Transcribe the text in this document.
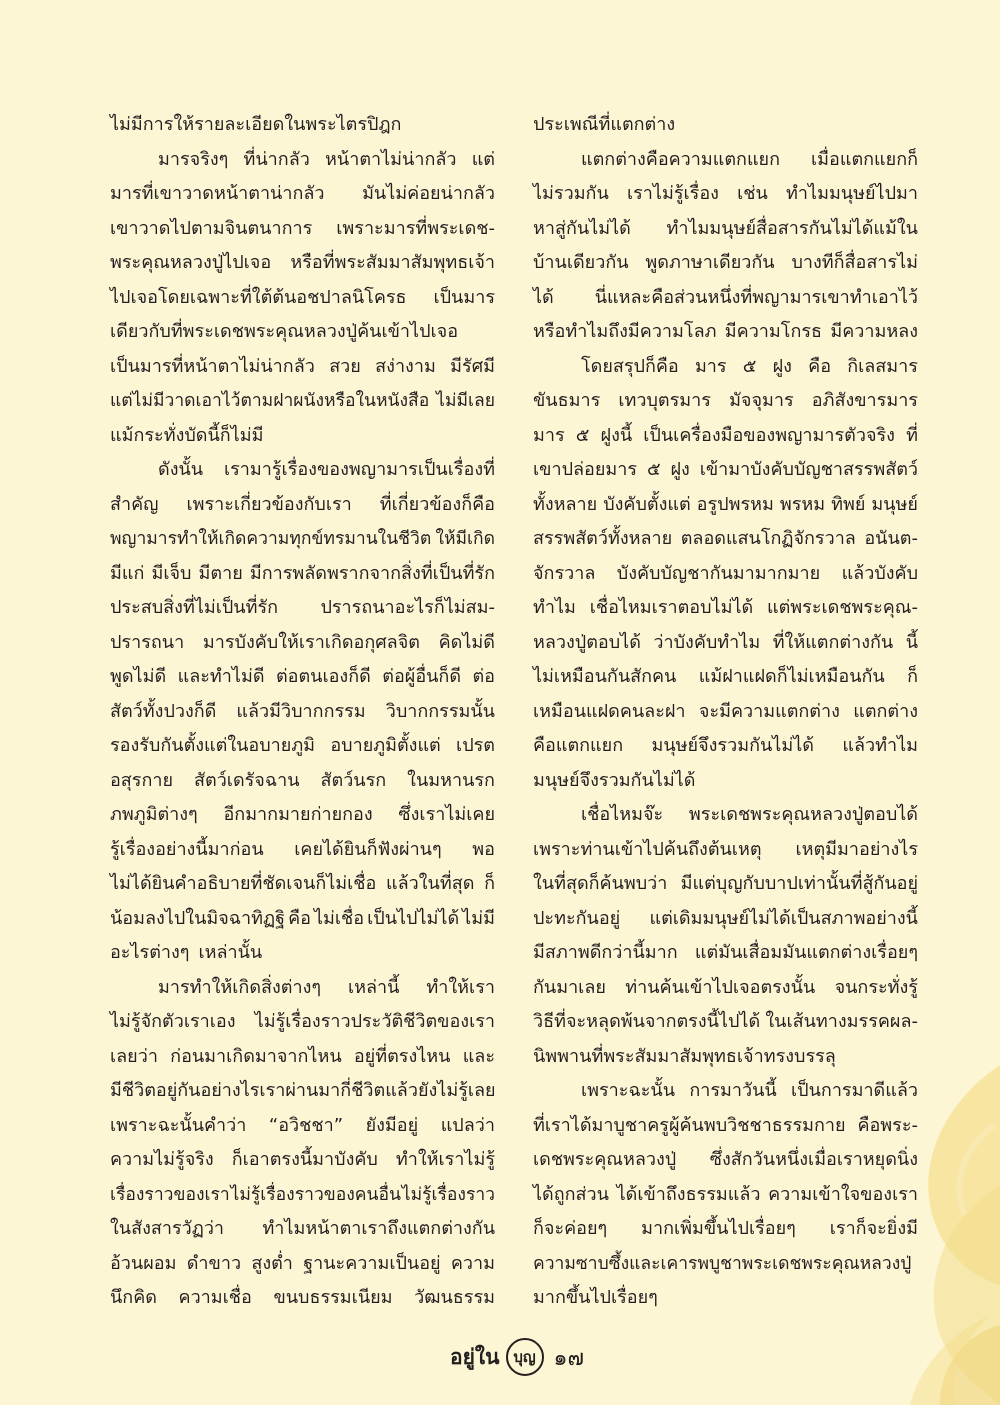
ไม่มีการให้รายละเอียดในพระไตรปิฎก
มารจริงๆ ที่น่ากลัว หน้าตาไม่น่ากลัว แต่
มารที่เขาวาดหน้าตาน่ากลัว มันไม่ค่อยน่ากลัว
เขาวาดไปตามจินตนาการ เพราะมารที่พระเดช-
พระคุณหลวงปู่ไปเจอ หรือที่พระสัมมาสัมพุทธเจ้า
ไปเจอโดยเฉพาะที่ใต้ต้นอชปาลนิโครธ เป็นมาร
เดียวกับที่พระเดชพระคุณหลวงปู่ค้นเข้าไปเจอ
เป็นมารที่หน้าตาไม่น่ากลัว สวย สง่างาม มีรัศมี
แต่ไม่มีวาดเอาไว้ตามฝาผนังหรือในหนังสือ ไม่มีเลย
แม้กระทั่งบัดนี้ก็ไม่มี
ดังนั้น เรามารู้เรื่องของพญามารเป็นเรื่องที่
สำคัญ เพราะเกี่ยวข้องกับเรา ที่เกี่ยวข้องก็คือ
พญามารทำให้เกิดความทุกข์ทรมานในชีวิต ให้มีเกิด
มีแก่ มีเจ็บ มีตาย มีการพลัดพรากจากสิ่งที่เป็นที่รัก
ประสบสิ่งที่ไม่เป็นที่รัก ปรารถนาอะไรก็ไม่สม-
ปรารถนา มารบังคับให้เราเกิดอกุศลจิต คิดไม่ดี
พูดไม่ดี และทำไม่ดี ต่อตนเองก็ดี ต่อผู้อื่นก็ดี ต่อ
สัตว์ทั้งปวงก็ดี แล้วมีวิบากกรรม วิบากกรรมนั้น
รองรับกันตั้งแต่ในอบายภูมิ อบายภูมิตั้งแต่ เปรต
อสุรกาย สัตว์เดรัจฉาน สัตว์นรก ในมหานรก
ภพภูมิต่างๆ อีกมากมายก่ายกอง ซึ่งเราไม่เคย
รู้เรื่องอย่างนี้มาก่อน เคยได้ยินก็ฟังผ่านๆ พอ
ไม่ได้ยินคำอธิบายที่ชัดเจนก็ไม่เชื่อ แล้วในที่สุด ก็
น้อมลงไปในมิจฉาทิฏฐิ คือ ไม่เชื่อ เป็นไปไม่ได้ ไม่มี
อะไรต่างๆ เหล่านั้น
มารทำให้เกิดสิ่งต่างๆ เหล่านี้ ทำให้เรา
ไม่รู้จักตัวเราเอง ไม่รู้เรื่องราวประวัติชีวิตของเรา
เลยว่า ก่อนมาเกิดมาจากไหน อยู่ที่ตรงไหน และ
มีชีวิตอยู่กันอย่างไร เราผ่านมากี่ชีวิตแล้ว ยังไม่รู้เลย
เพราะฉะนั้นคำว่า “อวิชชา” ยังมีอยู่ แปลว่า
ความไม่รู้จริง ก็เอาตรงนี้มาบังคับ ทำให้เราไม่รู้
เรื่องราวของเรา ไม่รู้เรื่องราวของคนอื่น ไม่รู้เรื่องราว
ในสังสารวัฏว่า ทำไมหน้าตาเราถึงแตกต่างกัน
อ้วนผอม ดำขาว สูงต่ำ ฐานะความเป็นอยู่ ความ
นึกคิด ความเชื่อ ขนบธรรมเนียม วัฒนธรรม
ประเพณีที่แตกต่าง
แตกต่างคือความแตกแยก เมื่อแตกแยกก็
ไม่รวมกัน เราไม่รู้เรื่อง เช่น ทำไมมนุษย์ไปมา
หาสู่กันไม่ได้ ทำไมมนุษย์สื่อสารกันไม่ได้แม้ใน
บ้านเดียวกัน พูดภาษาเดียวกัน บางทีก็สื่อสารไม่
ได้ นี่แหละคือส่วนหนึ่งที่พญามารเขาทำเอาไว้
หรือทำไมถึงมีความโลภ มีความโกรธ มีความหลง
โดยสรุปก็คือ มาร ๕ ฝูง คือ กิเลสมาร
ขันธมาร เทวบุตรมาร มัจจุมาร อภิสังขารมาร
มาร ๕ ฝูงนี้ เป็นเครื่องมือของพญามารตัวจริง ที่
เขาปล่อยมาร ๕ ฝูง เข้ามาบังคับบัญชาสรรพสัตว์
ทั้งหลาย บังคับตั้งแต่ อรูปพรหม พรหม ทิพย์ มนุษย์
สรรพสัตว์ทั้งหลาย ตลอดแสนโกฏิจักรวาล อนันต-
จักรวาล บังคับบัญชากันมามากมาย แล้วบังคับ
ทำไม เชื่อไหมเราตอบไม่ได้ แต่พระเดชพระคุณ-
หลวงปู่ตอบได้ ว่าบังคับทำไม ที่ให้แตกต่างกัน นี้
ไม่เหมือนกันสักคน แม้ฝาแฝดก็ไม่เหมือนกัน ก็
เหมือนแฝดคนละฝา จะมีความแตกต่าง แตกต่าง
คือแตกแยก มนุษย์จึงรวมกันไม่ได้ แล้วทำไม
มนุษย์จึงรวมกันไม่ได้
เชื่อไหมจ๊ะ พระเดชพระคุณหลวงปู่ตอบได้
เพราะท่านเข้าไปค้นถึงต้นเหตุ เหตุมีมาอย่างไร
ในที่สุดก็ค้นพบว่า มีแต่บุญกับบาปเท่านั้นที่สู้กันอยู่
ปะทะกันอยู่ แต่เดิมมนุษย์ไม่ได้เป็นสภาพอย่างนี้
มีสภาพดีกว่านี้มาก แต่มันเสื่อมมันแตกต่างเรื่อยๆ
กันมาเลย ท่านค้นเข้าไปเจอตรงนั้น จนกระทั่งรู้
วิธีที่จะหลุดพ้นจากตรงนี้ไปได้ ในเส้นทางมรรคผล-
นิพพานที่พระสัมมาสัมพุทธเจ้าทรงบรรลุ
เพราะฉะนั้น การมาวันนี้ เป็นการมาดีแล้ว
ที่เราได้มาบูชาครูผู้ค้นพบวิชชาธรรมกาย คือพระ-
เดชพระคุณหลวงปู่ ซึ่งสักวันหนึ่งเมื่อเราหยุดนิ่ง
ได้ถูกส่วน ได้เข้าถึงธรรมแล้ว ความเข้าใจของเรา
ก็จะค่อยๆ มากเพิ่มขึ้นไปเรื่อยๆ เราก็จะยิ่งมี
ความซาบซึ้งและเคารพบูชาพระเดชพระคุณหลวงปู่
มากขึ้นไปเรื่อยๆ
อยู่ใน บุญ ๑๗
